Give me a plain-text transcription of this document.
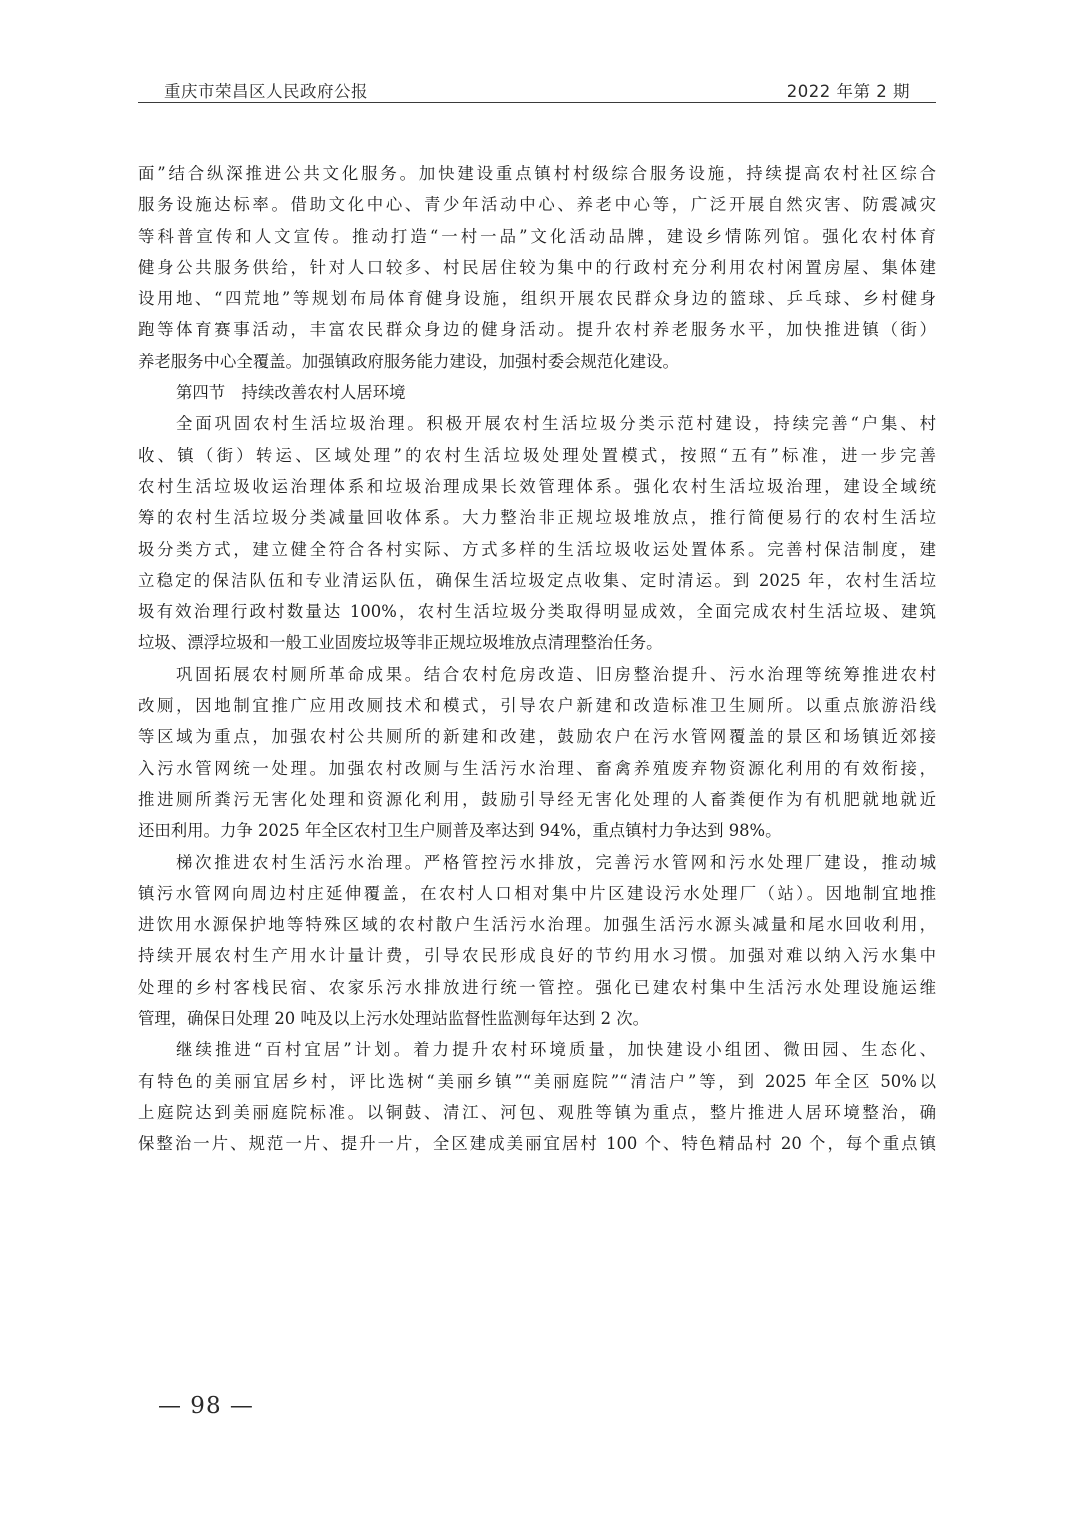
重庆市荣昌区人民政府公报	2022 年第 2 期
面”结合纵深推进公共文化服务。加快建设重点镇村村级综合服务设施，持续提高农村社区综合
服务设施达标率。借助文化中心、青少年活动中心、养老中心等，广泛开展自然灾害、防震减灾
等科普宣传和人文宣传。推动打造“一村一品”文化活动品牌，建设乡情陈列馆。强化农村体育
健身公共服务供给，针对人口较多、村民居住较为集中的行政村充分利用农村闲置房屋、集体建
设用地、“四荒地”等规划布局体育健身设施，组织开展农民群众身边的篮球、乒乓球、乡村健身
跑等体育赛事活动，丰富农民群众身边的健身活动。提升农村养老服务水平，加快推进镇（街）
养老服务中心全覆盖。加强镇政府服务能力建设，加强村委会规范化建设。
第四节　持续改善农村人居环境
全面巩固农村生活垃圾治理。积极开展农村生活垃圾分类示范村建设，持续完善“户集、村
收、镇（街）转运、区域处理”的农村生活垃圾处理处置模式，按照“五有”标准，进一步完善
农村生活垃圾收运治理体系和垃圾治理成果长效管理体系。强化农村生活垃圾治理，建设全域统
筹的农村生活垃圾分类减量回收体系。大力整治非正规垃圾堆放点，推行简便易行的农村生活垃
圾分类方式，建立健全符合各村实际、方式多样的生活垃圾收运处置体系。完善村保洁制度，建
立稳定的保洁队伍和专业清运队伍，确保生活垃圾定点收集、定时清运。到 2025 年，农村生活垃
圾有效治理行政村数量达 100%，农村生活垃圾分类取得明显成效，全面完成农村生活垃圾、建筑
垃圾、漂浮垃圾和一般工业固废垃圾等非正规垃圾堆放点清理整治任务。
巩固拓展农村厕所革命成果。结合农村危房改造、旧房整治提升、污水治理等统筹推进农村
改厕，因地制宜推广应用改厕技术和模式，引导农户新建和改造标准卫生厕所。以重点旅游沿线
等区域为重点，加强农村公共厕所的新建和改建，鼓励农户在污水管网覆盖的景区和场镇近郊接
入污水管网统一处理。加强农村改厕与生活污水治理、畜禽养殖废弃物资源化利用的有效衔接，
推进厕所粪污无害化处理和资源化利用，鼓励引导经无害化处理的人畜粪便作为有机肥就地就近
还田利用。力争 2025 年全区农村卫生户厕普及率达到 94%，重点镇村力争达到 98%。
梯次推进农村生活污水治理。严格管控污水排放，完善污水管网和污水处理厂建设，推动城
镇污水管网向周边村庄延伸覆盖，在农村人口相对集中片区建设污水处理厂（站）。因地制宜地推
进饮用水源保护地等特殊区域的农村散户生活污水治理。加强生活污水源头减量和尾水回收利用，
持续开展农村生产用水计量计费，引导农民形成良好的节约用水习惯。加强对难以纳入污水集中
处理的乡村客栈民宿、农家乐污水排放进行统一管控。强化已建农村集中生活污水处理设施运维
管理，确保日处理 20 吨及以上污水处理站监督性监测每年达到 2 次。
继续推进“百村宜居”计划。着力提升农村环境质量，加快建设小组团、微田园、生态化、
有特色的美丽宜居乡村，评比选树“美丽乡镇”“美丽庭院”“清洁户”等，到 2025 年全区 50%以
上庭院达到美丽庭院标准。以铜鼓、清江、河包、观胜等镇为重点，整片推进人居环境整治，确
保整治一片、规范一片、提升一片，全区建成美丽宜居村 100 个、特色精品村 20 个，每个重点镇
— 98 —
